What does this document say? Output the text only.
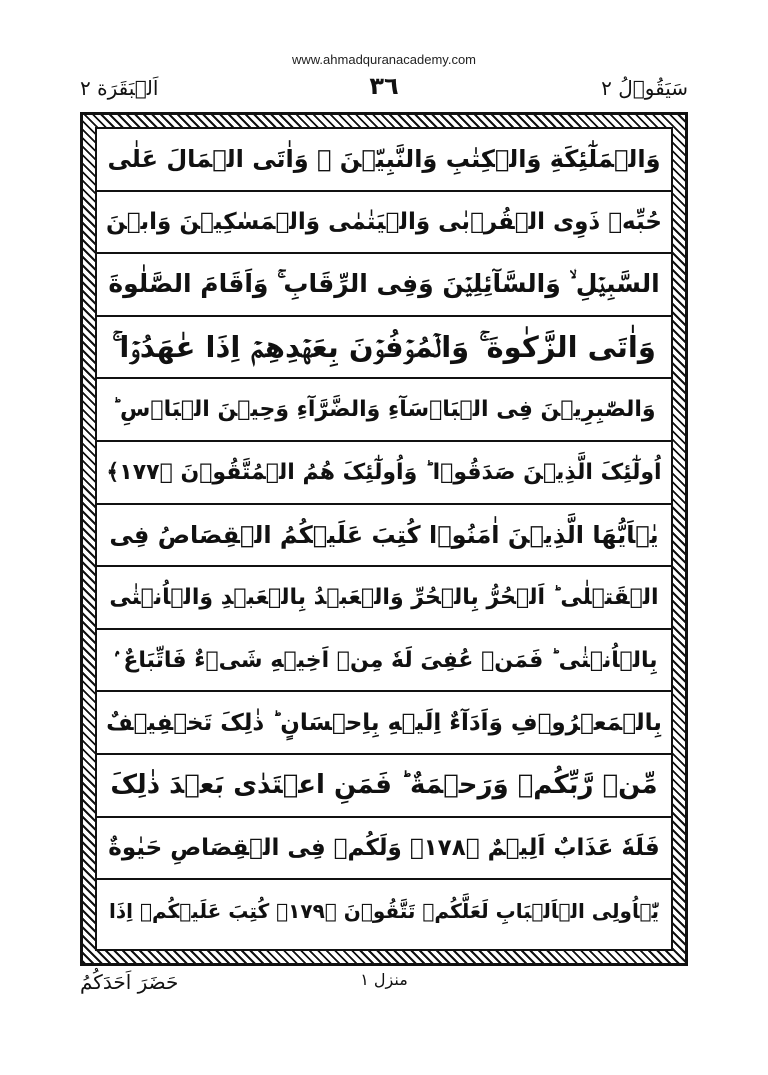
www.ahmadquranacademy.com
اَلۡبَقَرَة ٢	٣٦	سَیَقُوۡلُ ٢
وَالۡمَلٰٓئِکَةِ وَالۡکِتٰبِ وَالنَّبِیّٖنَ ۚ وَاٰتَی الۡمَالَ عَلٰی
حُبِّهٖ ذَوِی الۡقُرۡبٰی وَالۡیَتٰمٰی وَالۡمَسٰکِیۡنَ وَابۡنَ
السَّبِیۡلِ ۙ وَالسَّآئِلِیۡنَ وَفِی الرِّقَابِ ۚ وَاَقَامَ الصَّلٰوةَ
وَاٰتَی الزَّکٰوةَ ۚ وَالۡمُوۡفُوۡنَ بِعَهۡدِهِمۡ اِذَا عٰهَدُوۡا ۚ
وَالصّٰبِرِیۡنَ فِی الۡبَاۡسَآءِ وَالضَّرَّآءِ وَحِیۡنَ الۡبَاۡسِ ؕ
اُولٰٓئِکَ الَّذِیۡنَ صَدَقُوۡا ؕ وَاُولٰٓئِکَ هُمُ الۡمُتَّقُوۡنَ ﴿۱۷۷﴾
یٰۤاَیُّهَا الَّذِیۡنَ اٰمَنُوۡا کُتِبَ عَلَیۡکُمُ الۡقِصَاصُ فِی
الۡقَتۡلٰی ؕ اَلۡحُرُّ بِالۡحُرِّ وَالۡعَبۡدُ بِالۡعَبۡدِ وَالۡاُنۡثٰی
بِالۡاُنۡثٰی ؕ فَمَنۡ عُفِیَ لَهٗ مِنۡ اَخِیۡهِ شَیۡءٌ فَاتِّبَاعٌ ۢ
بِالۡمَعۡرُوۡفِ وَاَدَآءٌ اِلَیۡهِ بِاِحۡسَانٍ ؕ ذٰلِکَ تَخۡفِیۡفٌ
مِّنۡ رَّبِّکُمۡ وَرَحۡمَةٌ ؕ فَمَنِ اعۡتَدٰی بَعۡدَ ذٰلِکَ
فَلَهٗ عَذَابٌ اَلِیۡمٌ ﴿۱۷۸﴾ وَلَکُمۡ فِی الۡقِصَاصِ حَیٰوةٌ
یّٰۤاُولِی الۡاَلۡبَابِ لَعَلَّکُمۡ تَتَّقُوۡنَ ﴿۱۷۹﴾ کُتِبَ عَلَیۡکُمۡ اِذَا
حَضَرَ اَحَدَکُمُ	منزل ١
